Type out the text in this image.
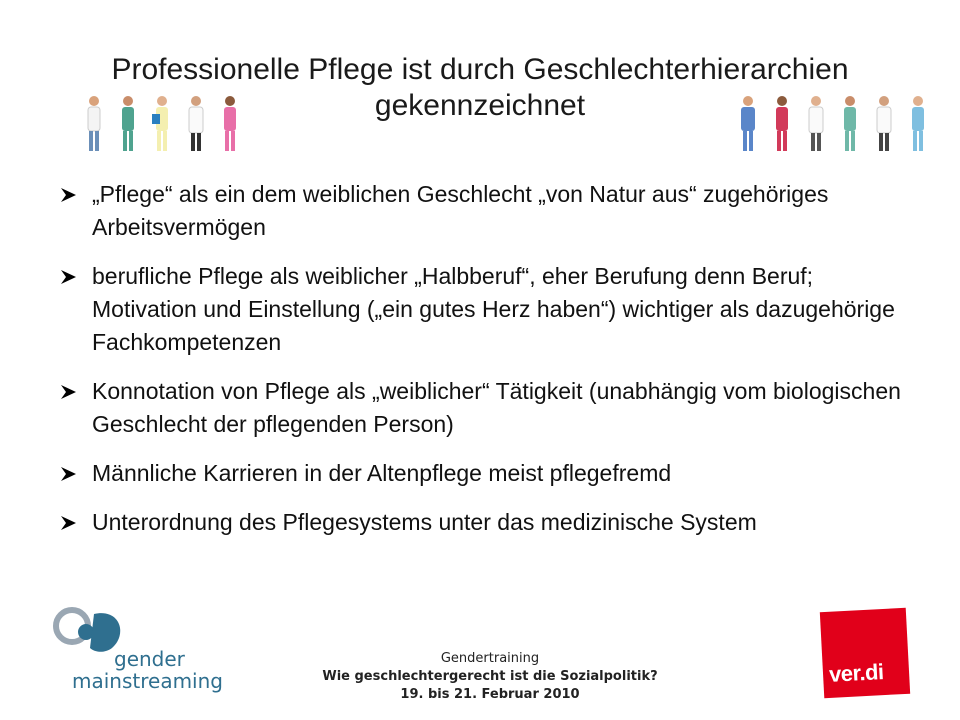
Professionelle Pflege ist durch Geschlechterhierarchien gekennzeichnet
„Pflege“ als ein dem weiblichen Geschlecht „von Natur aus“ zugehöriges Arbeitsvermögen
berufliche Pflege als weiblicher „Halbberuf“, eher Berufung denn Beruf; Motivation und Einstellung („ein gutes Herz haben“) wichtiger als dazugehörige Fachkompetenzen
Konnotation von Pflege als „weiblicher“ Tätigkeit (unabhängig vom biologischen Geschlecht der pflegenden Person)
Männliche Karrieren in der Altenpflege meist pflegefremd
Unterordnung des Pflegesystems unter das medizinische System
gender
mainstreaming
Gendertraining
Wie geschlechtergerecht ist die Sozialpolitik?
19. bis 21. Februar 2010
ver.di
